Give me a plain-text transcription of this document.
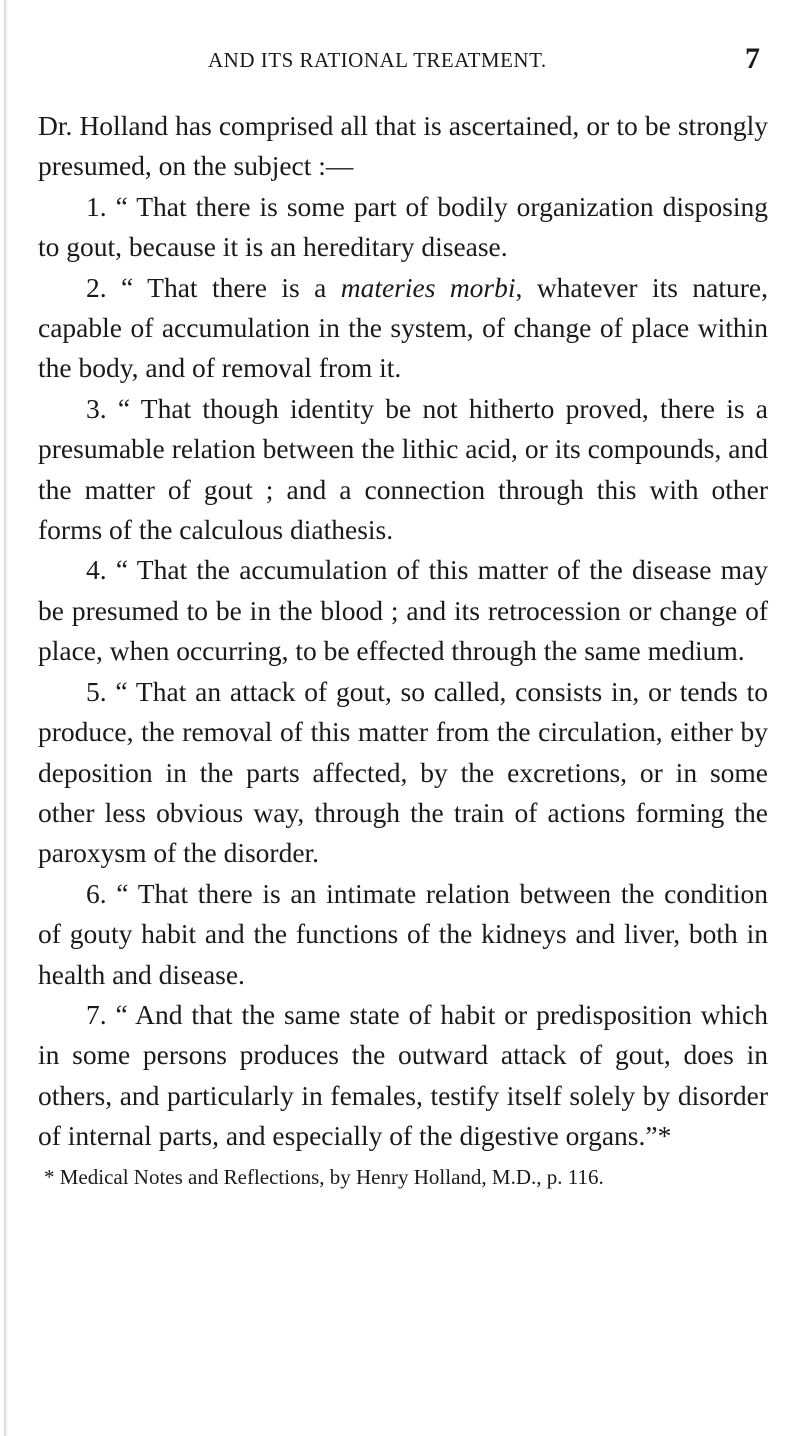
AND ITS RATIONAL TREATMENT.	7

Dr. Holland has comprised all that is ascertained, or to be strongly presumed, on the subject :—

1. “ That there is some part of bodily organization disposing to gout, because it is an hereditary disease.

2. “ That there is a materies morbi, whatever its nature, capable of accumulation in the system, of change of place within the body, and of removal from it.

3. “ That though identity be not hitherto proved, there is a presumable relation between the lithic acid, or its compounds, and the matter of gout ; and a connection through this with other forms of the calculous diathesis.

4. “ That the accumulation of this matter of the disease may be presumed to be in the blood ; and its retrocession or change of place, when occurring, to be effected through the same medium.

5. “ That an attack of gout, so called, consists in, or tends to produce, the removal of this matter from the circulation, either by deposition in the parts affected, by the excretions, or in some other less obvious way, through the train of actions forming the paroxysm of the disorder.

6. “ That there is an intimate relation between the condition of gouty habit and the functions of the kidneys and liver, both in health and disease.

7. “ And that the same state of habit or predisposition which in some persons produces the outward attack of gout, does in others, and particularly in females, testify itself solely by disorder of internal parts, and especially of the digestive organs.”*

* Medical Notes and Reflections, by Henry Holland, M.D., p. 116.
